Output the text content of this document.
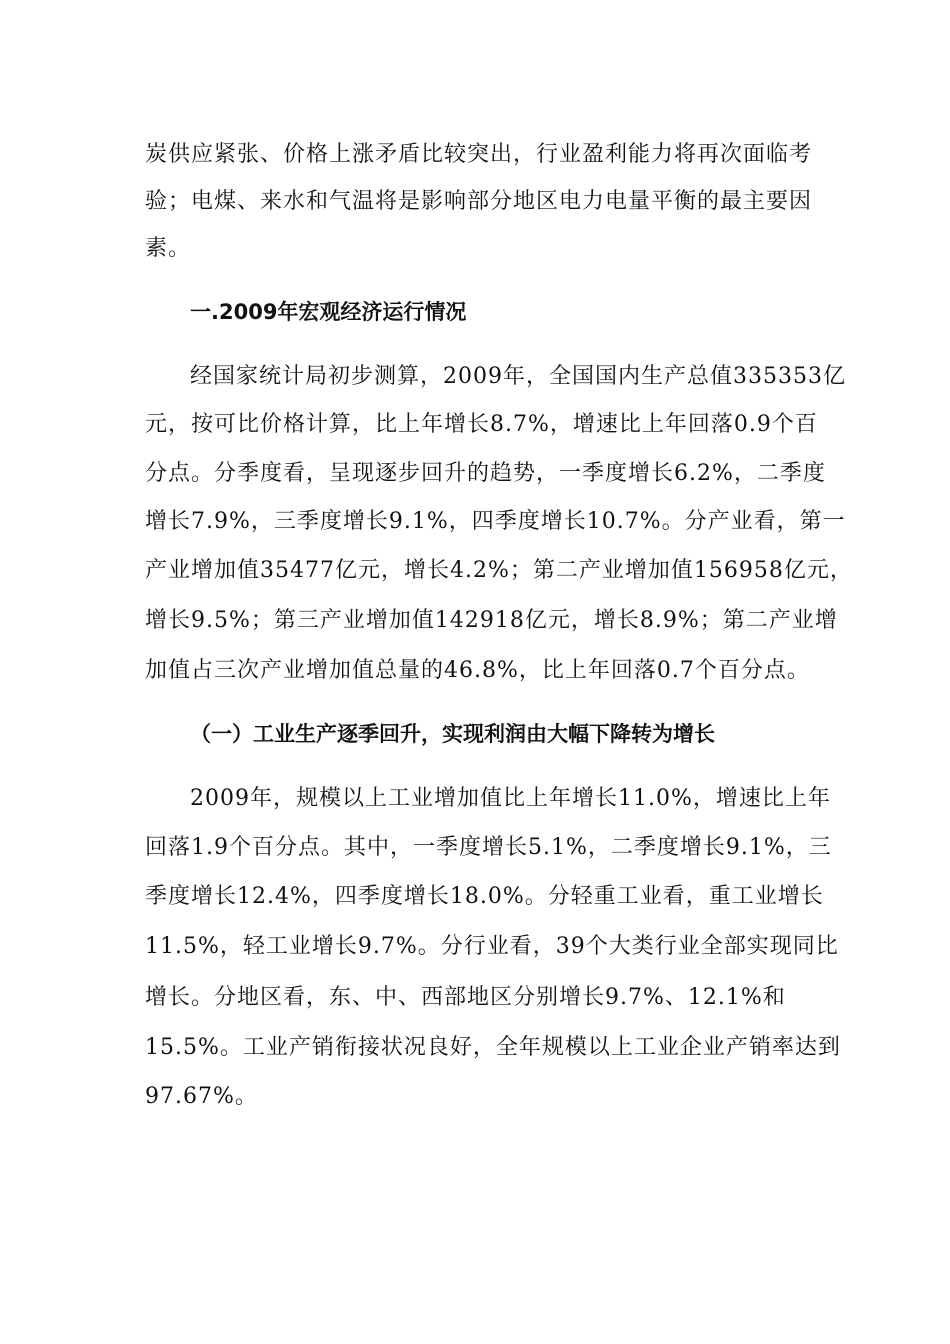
炭供应紧张、价格上涨矛盾比较突出，行业盈利能力将再次面临考
验；电煤、来水和气温将是影响部分地区电力电量平衡的最主要因
素。
一.2009年宏观经济运行情况
经国家统计局初步测算，2009年，全国国内生产总值335353亿
元，按可比价格计算，比上年增长8.7%，增速比上年回落0.9个百
分点。分季度看，呈现逐步回升的趋势，一季度增长6.2%，二季度
增长7.9%，三季度增长9.1%，四季度增长10.7%。分产业看，第一
产业增加值35477亿元，增长4.2%；第二产业增加值156958亿元，
增长9.5%；第三产业增加值142918亿元，增长8.9%；第二产业增
加值占三次产业增加值总量的46.8%，比上年回落0.7个百分点。
（一）工业生产逐季回升，实现利润由大幅下降转为增长
2009年，规模以上工业增加值比上年增长11.0%，增速比上年
回落1.9个百分点。其中，一季度增长5.1%，二季度增长9.1%，三
季度增长12.4%，四季度增长18.0%。分轻重工业看，重工业增长
11.5%，轻工业增长9.7%。分行业看，39个大类行业全部实现同比
增长。分地区看，东、中、西部地区分别增长9.7%、12.1%和
15.5%。工业产销衔接状况良好，全年规模以上工业企业产销率达到
97.67%。
